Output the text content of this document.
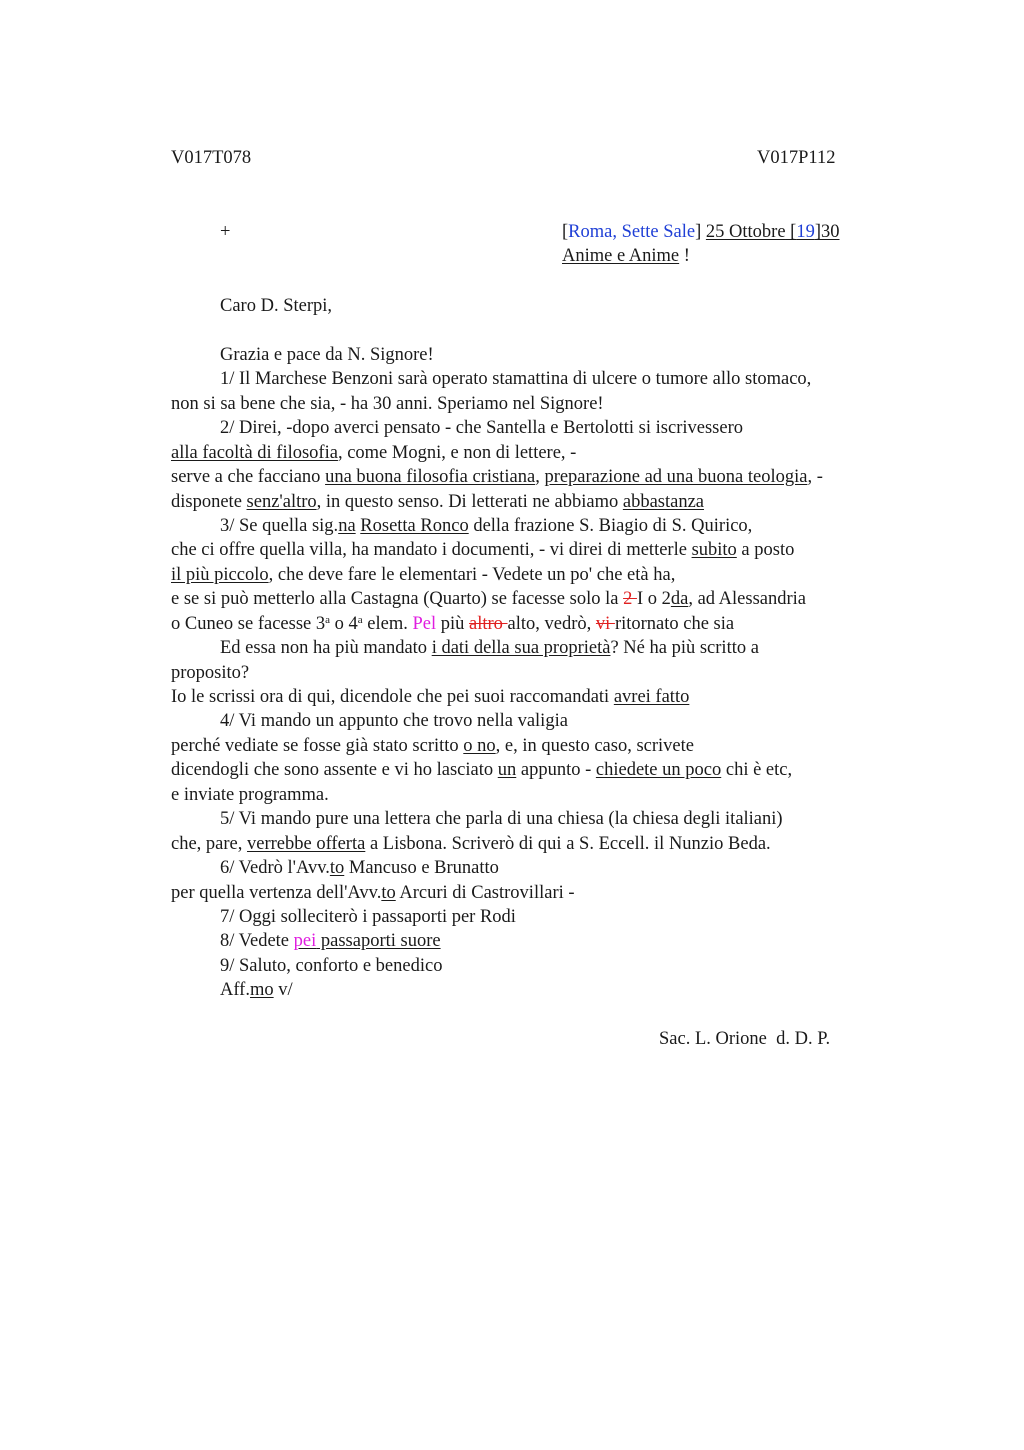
V017T078	V017P112
+	[Roma, Sette Sale] 25 Ottobre [19]30
Anime e Anime !
Caro D. Sterpi,
Grazia e pace da N. Signore!
1/ Il Marchese Benzoni sarà operato stamattina di ulcere o tumore allo stomaco,
non si sa bene che sia, - ha 30 anni. Speriamo nel Signore!
2/ Direi, -dopo averci pensato - che Santella e Bertolotti si iscrivessero
alla facoltà di filosofia, come Mogni, e non di lettere, -
serve a che facciano una buona filosofia cristiana, preparazione ad una buona teologia, -
disponete senz'altro, in questo senso. Di letterati ne abbiamo abbastanza
3/ Se quella sig.na Rosetta Ronco della frazione S. Biagio di S. Quirico,
che ci offre quella villa, ha mandato i documenti, - vi direi di metterle subito a posto
il più piccolo, che deve fare le elementari - Vedete un po' che età ha,
e se si può metterlo alla Castagna (Quarto) se facesse solo la 2 I o 2da, ad Alessandria
o Cuneo se facesse 3$^a$ o 4$^a$ elem. Pel più altro alto, vedrò, vi ritornato che sia
Ed essa non ha più mandato i dati della sua proprietà? Né ha più scritto a
proposito?
Io le scrissi ora di qui, dicendole che pei suoi raccomandati avrei fatto
4/ Vi mando un appunto che trovo nella valigia
perché vediate se fosse già stato scritto o no, e, in questo caso, scrivete
dicendogli che sono assente e vi ho lasciato un appunto - chiedete un poco chi è etc,
e inviate programma.
5/ Vi mando pure una lettera che parla di una chiesa (la chiesa degli italiani)
che, pare, verrebbe offerta a Lisbona. Scriverò di qui a S. Eccell. il Nunzio Beda.
6/ Vedrò l'Avv.to Mancuso e Brunatto
per quella vertenza dell'Avv.to Arcuri di Castrovillari -
7/ Oggi solleciterò i passaporti per Rodi
8/ Vedete pei passaporti suore
9/ Saluto, conforto e benedico
Aff.mo v/
Sac. L. Orione  d. D. P.
